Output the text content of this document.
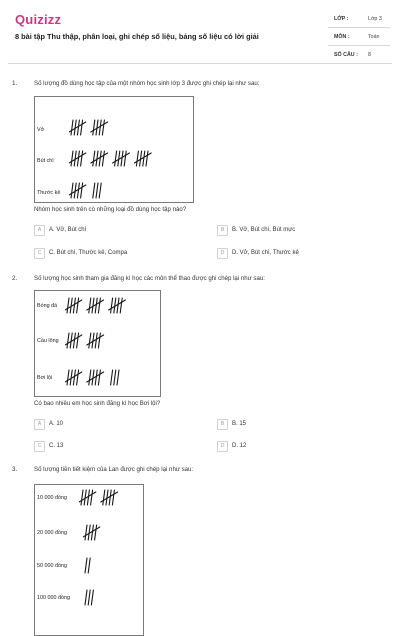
Quizizz
8 bài tập Thu thập, phân loại, ghi chép số liệu, bảng số liệu có lời giải
LỚP :	Lớp 3
MÔN :	Toán
SỐ CÂU : 8
1.	Số lượng đồ dùng học tập của một nhóm học sinh lớp 3 được ghi chép lại như sau:
Vở
Bút chì
Thước kẻ
Nhóm học sinh trên có những loại đồ dùng học tập nào?
A	A. Vở, Bút chì	B	B. Vở, Bút chì, Bút mực
C	C. Bút chì, Thước kẻ, Compa	D	D. Vở, Bút chì, Thước kẻ
2.	Số lượng học sinh tham gia đăng kí học các môn thể thao được ghi chép lại như sau:
Bóng đá
Cầu lông
Bơi lội
Có bao nhiêu em học sinh đăng kí học Bơi lội?
A	A. 10	B	B. 15
C	C. 13	D	D. 12
3.	Số lượng tiền tiết kiệm của Lan được ghi chép lại như sau:
10 000 đồng
20 000 đồng
50 000 đồng
100 000 đồng
